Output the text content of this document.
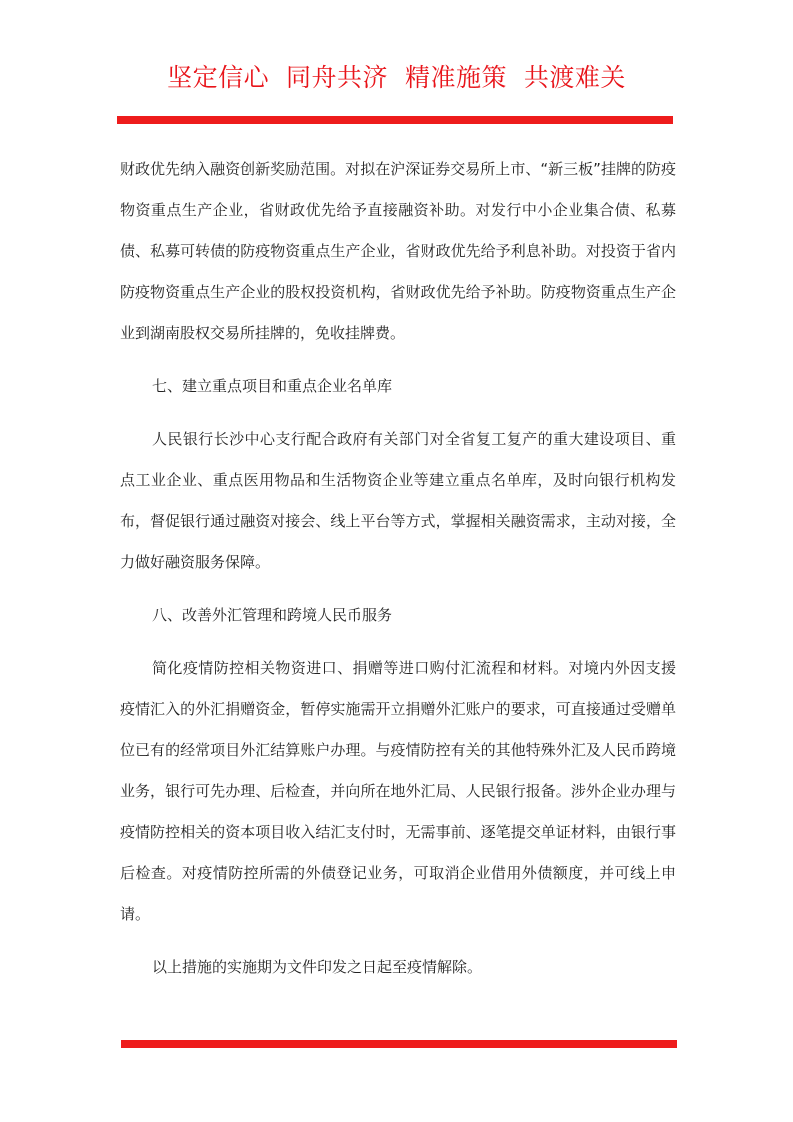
坚定信心  同舟共济  精准施策  共渡难关

财政优先纳入融资创新奖励范围。对拟在沪深证券交易所上市、“新三板”挂牌的防疫物资重点生产企业，省财政优先给予直接融资补助。对发行中小企业集合债、私募债、私募可转债的防疫物资重点生产企业，省财政优先给予利息补助。对投资于省内防疫物资重点生产企业的股权投资机构，省财政优先给予补助。防疫物资重点生产企业到湖南股权交易所挂牌的，免收挂牌费。

七、建立重点项目和重点企业名单库

人民银行长沙中心支行配合政府有关部门对全省复工复产的重大建设项目、重点工业企业、重点医用物品和生活物资企业等建立重点名单库，及时向银行机构发布，督促银行通过融资对接会、线上平台等方式，掌握相关融资需求，主动对接，全力做好融资服务保障。

八、改善外汇管理和跨境人民币服务

简化疫情防控相关物资进口、捐赠等进口购付汇流程和材料。对境内外因支援疫情汇入的外汇捐赠资金，暂停实施需开立捐赠外汇账户的要求，可直接通过受赠单位已有的经常项目外汇结算账户办理。与疫情防控有关的其他特殊外汇及人民币跨境业务，银行可先办理、后检查，并向所在地外汇局、人民银行报备。涉外企业办理与疫情防控相关的资本项目收入结汇支付时，无需事前、逐笔提交单证材料，由银行事后检查。对疫情防控所需的外债登记业务，可取消企业借用外债额度，并可线上申请。

以上措施的实施期为文件印发之日起至疫情解除。
